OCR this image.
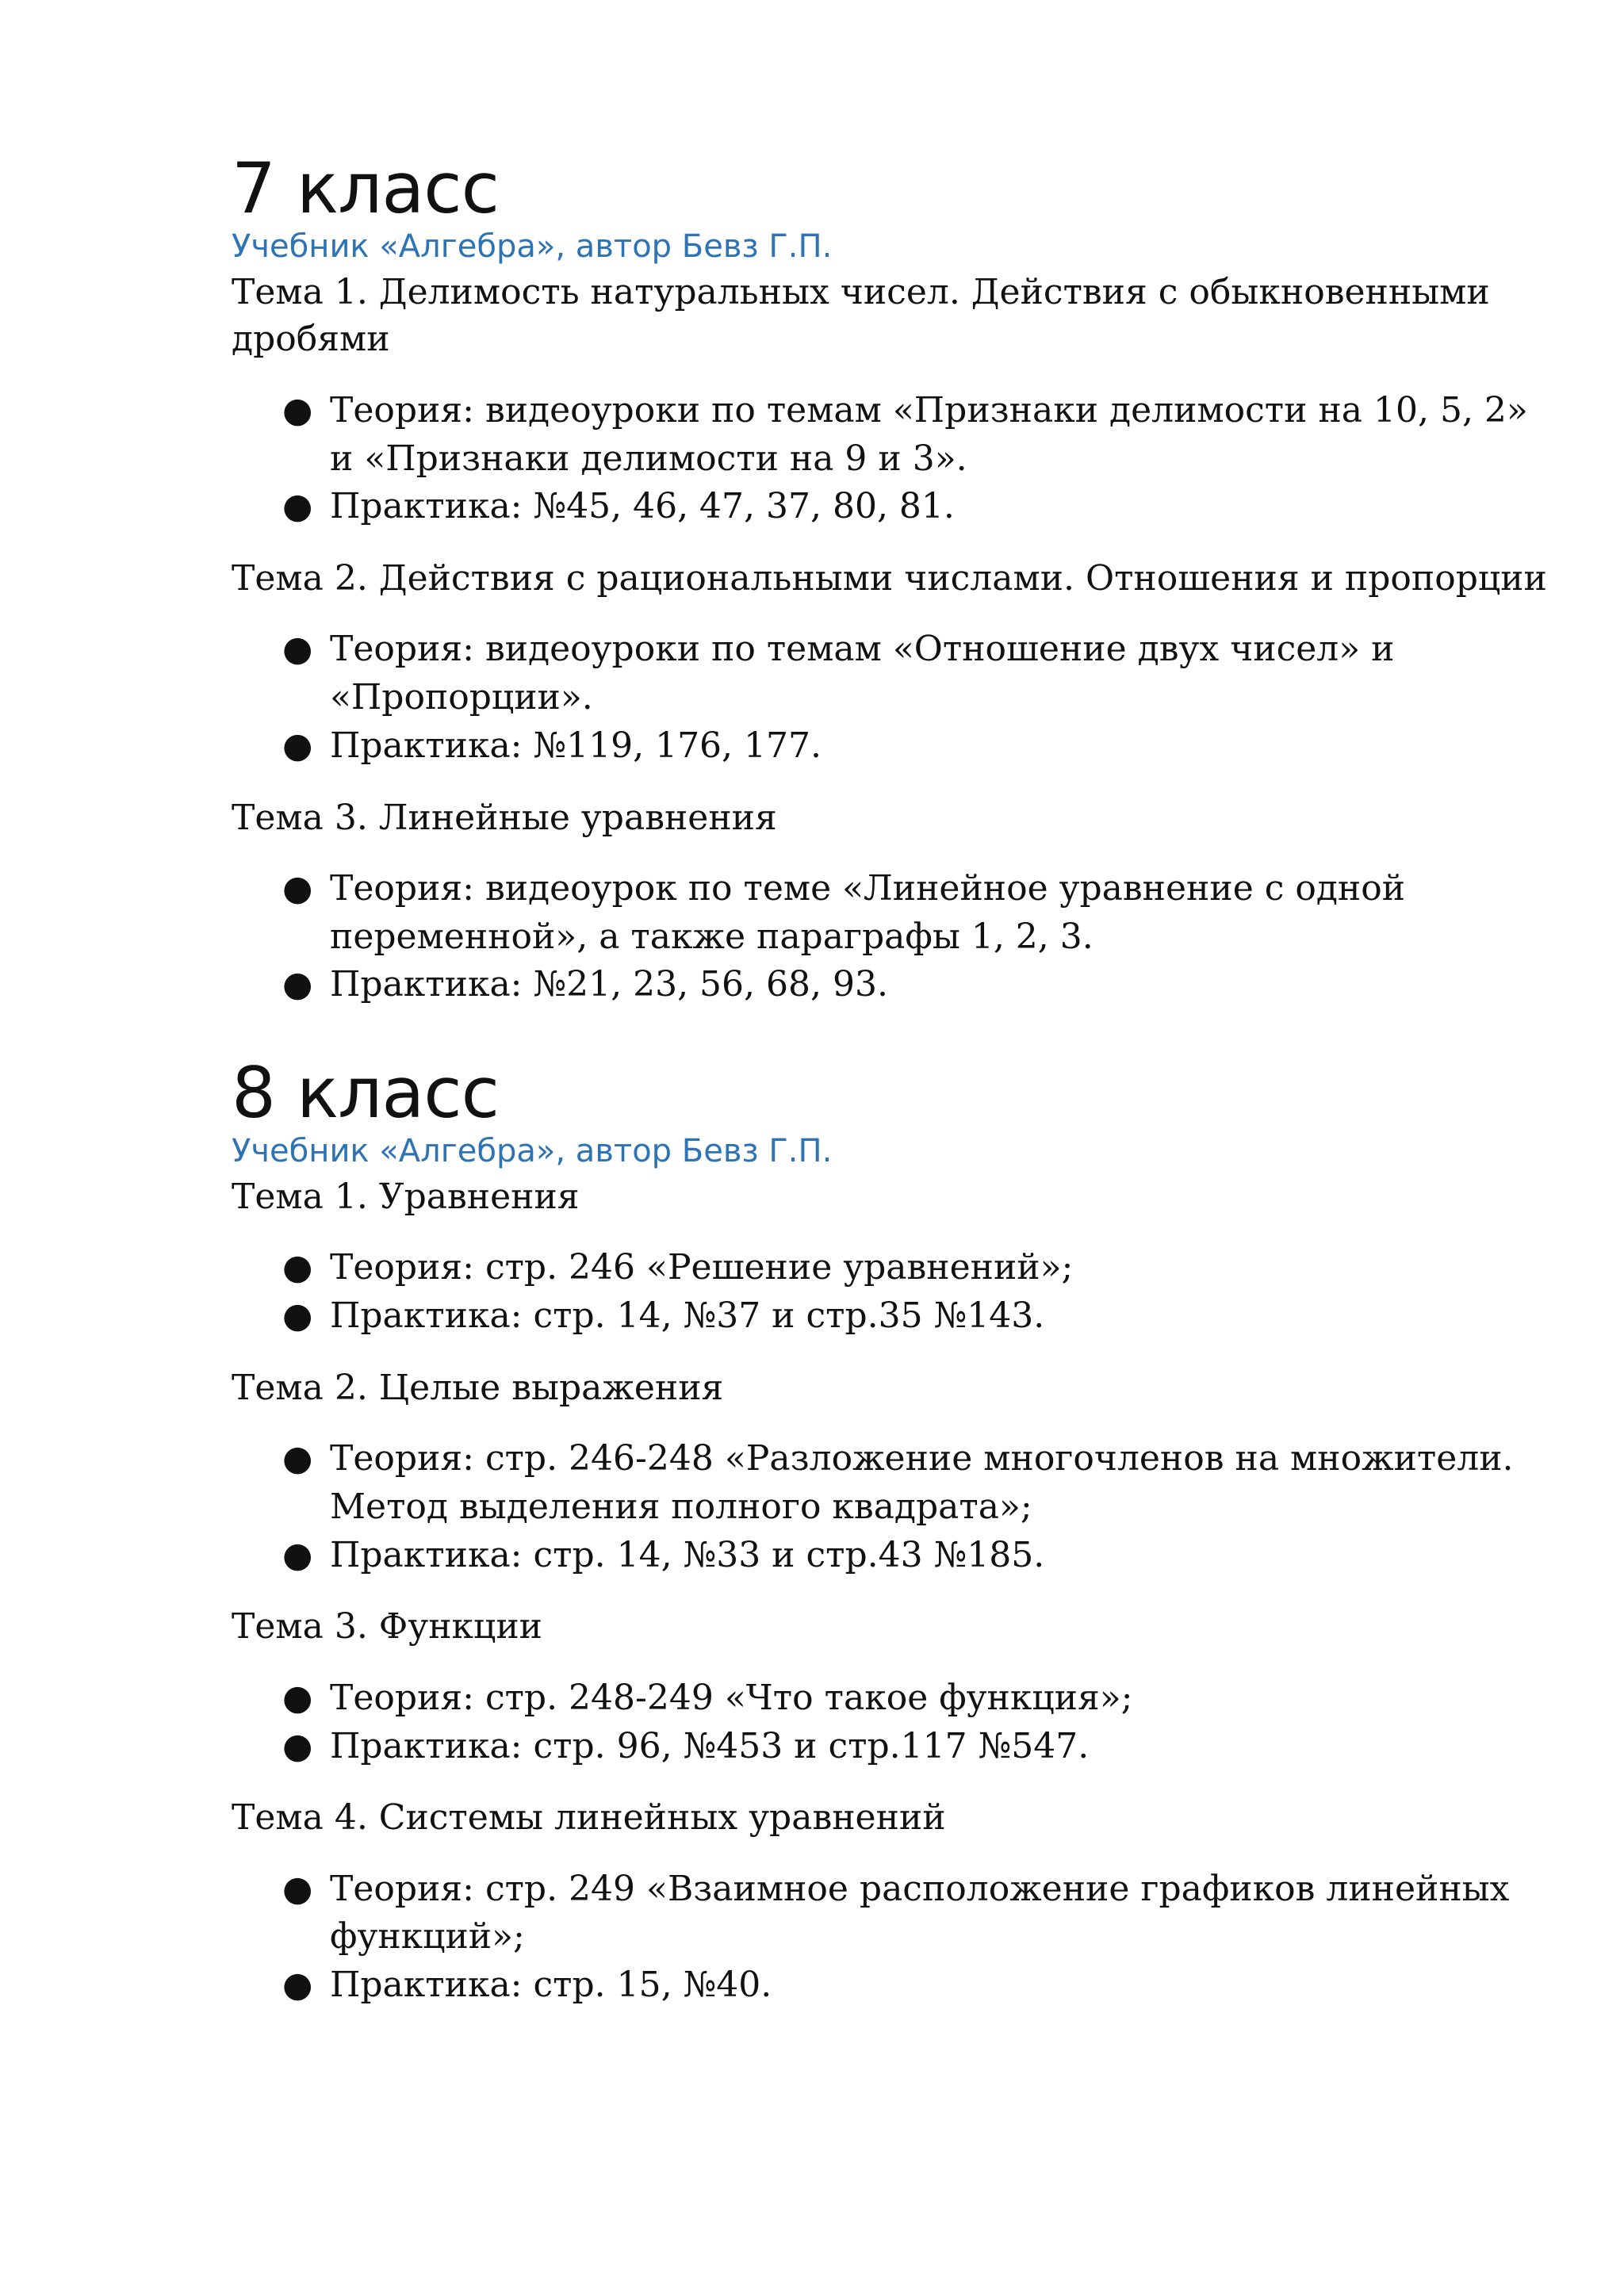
7 класс
Учебник «Алгебра», автор Бевз Г.П.
Тема 1. Делимость натуральных чисел. Действия с обыкновенными дробями
● Теория: видеоуроки по темам «Признаки делимости на 10, 5, 2» и «Признаки делимости на 9 и 3».
● Практика: №45, 46, 47, 37, 80, 81.
Тема 2. Действия с рациональными числами. Отношения и пропорции
● Теория: видеоуроки по темам «Отношение двух чисел» и «Пропорции».
● Практика: №119, 176, 177.
Тема 3. Линейные уравнения
● Теория: видеоурок по теме «Линейное уравнение с одной переменной», а также параграфы 1, 2, 3.
● Практика: №21, 23, 56, 68, 93.
8 класс
Учебник «Алгебра», автор Бевз Г.П.
Тема 1. Уравнения
● Теория: стр. 246 «Решение уравнений»;
● Практика: стр. 14, №37 и стр.35 №143.
Тема 2. Целые выражения
● Теория: стр. 246-248 «Разложение многочленов на множители. Метод выделения полного квадрата»;
● Практика: стр. 14, №33 и стр.43 №185.
Тема 3. Функции
● Теория: стр. 248-249 «Что такое функция»;
● Практика: стр. 96, №453 и стр.117 №547.
Тема 4. Системы линейных уравнений
● Теория: стр. 249 «Взаимное расположение графиков линейных функций»;
● Практика: стр. 15, №40.
